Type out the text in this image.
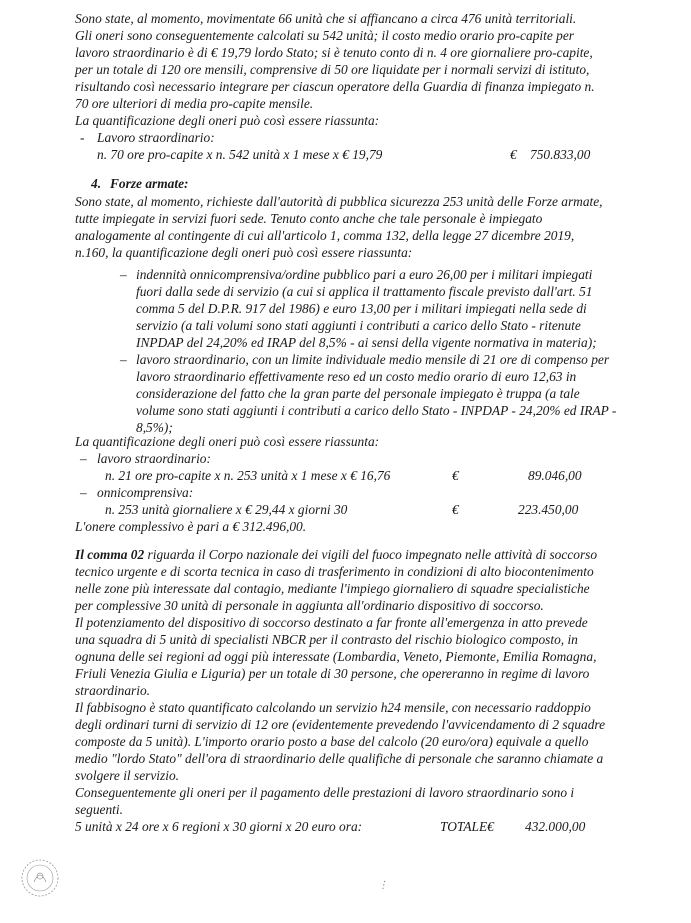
Sono state, al momento, movimentate 66 unità che si affiancano a circa 476 unità territoriali.
Gli oneri sono conseguentemente calcolati su 542 unità; il costo medio orario pro-capite per
lavoro straordinario è di € 19,79 lordo Stato; si è tenuto conto di n. 4 ore giornaliere pro-capite,
per un totale di 120 ore mensili, comprensive di 50 ore liquidate per i normali servizi di istituto,
risultando così necessario integrare per ciascun operatore della Guardia di finanza impiegato n.
70 ore ulteriori di media pro-capite mensile.
La quantificazione degli oneri può così essere riassunta:
- Lavoro straordinario:
n. 70 ore pro-capite x n. 542 unità x 1 mese x € 19,79	€ 750.833,00
4. Forze armate:
Sono state, al momento, richieste dall'autorità di pubblica sicurezza 253 unità delle Forze armate,
tutte impiegate in servizi fuori sede. Tenuto conto anche che tale personale è impiegato
analogamente al contingente di cui all'articolo 1, comma 132, della legge 27 dicembre 2019,
n.160, la quantificazione degli oneri può così essere riassunta:
– indennità onnicomprensiva/ordine pubblico pari a euro 26,00 per i militari impiegati
fuori dalla sede di servizio (a cui si applica il trattamento fiscale previsto dall'art. 51
comma 5 del D.P.R. 917 del 1986) e euro 13,00 per i militari impiegati nella sede di
servizio (a tali volumi sono stati aggiunti i contributi a carico dello Stato - ritenute
INPDAP del 24,20% ed IRAP del 8,5% - ai sensi della vigente normativa in materia);
– lavoro straordinario, con un limite individuale medio mensile di 21 ore di compenso per
lavoro straordinario effettivamente reso ed un costo medio orario di euro 12,63 in
considerazione del fatto che la gran parte del personale impiegato è truppa (a tale
volume sono stati aggiunti i contributi a carico dello Stato - INPDAP - 24,20% ed IRAP -
8,5%);
La quantificazione degli oneri può così essere riassunta:
– lavoro straordinario:
n. 21 ore pro-capite x n. 253 unità x 1 mese x € 16,76	€	89.046,00
– onnicomprensiva:
n. 253 unità giornaliere x € 29,44 x giorni 30	€	223.450,00
L'onere complessivo è pari a € 312.496,00.
Il comma 02 riguarda il Corpo nazionale dei vigili del fuoco impegnato nelle attività di soccorso
tecnico urgente e di scorta tecnica in caso di trasferimento in condizioni di alto biocontenimento
nelle zone più interessate dal contagio, mediante l'impiego giornaliero di squadre specialistiche
per complessive 30 unità di personale in aggiunta all'ordinario dispositivo di soccorso.
Il potenziamento del dispositivo di soccorso destinato a far fronte all'emergenza in atto prevede
una squadra di 5 unità di specialisti NBCR per il contrasto del rischio biologico composto, in
ognuna delle sei regioni ad oggi più interessate (Lombardia, Veneto, Piemonte, Emilia Romagna,
Friuli Venezia Giulia e Liguria) per un totale di 30 persone, che opereranno in regime di lavoro
straordinario.
Il fabbisogno è stato quantificato calcolando un servizio h24 mensile, con necessario raddoppio
degli ordinari turni di servizio di 12 ore (evidentemente prevedendo l'avvicendamento di 2 squadre
composte da 5 unità). L'importo orario posto a base del calcolo (20 euro/ora) equivale a quello
medio "lordo Stato" dell'ora di straordinario delle qualifiche di personale che saranno chiamate a
svolgere il servizio.
Conseguentemente gli oneri per il pagamento delle prestazioni di lavoro straordinario sono i
seguenti.
5 unità x 24 ore x 6 regioni x 30 giorni x 20 euro ora:	TOTALE€ 432.000,00
⋮
